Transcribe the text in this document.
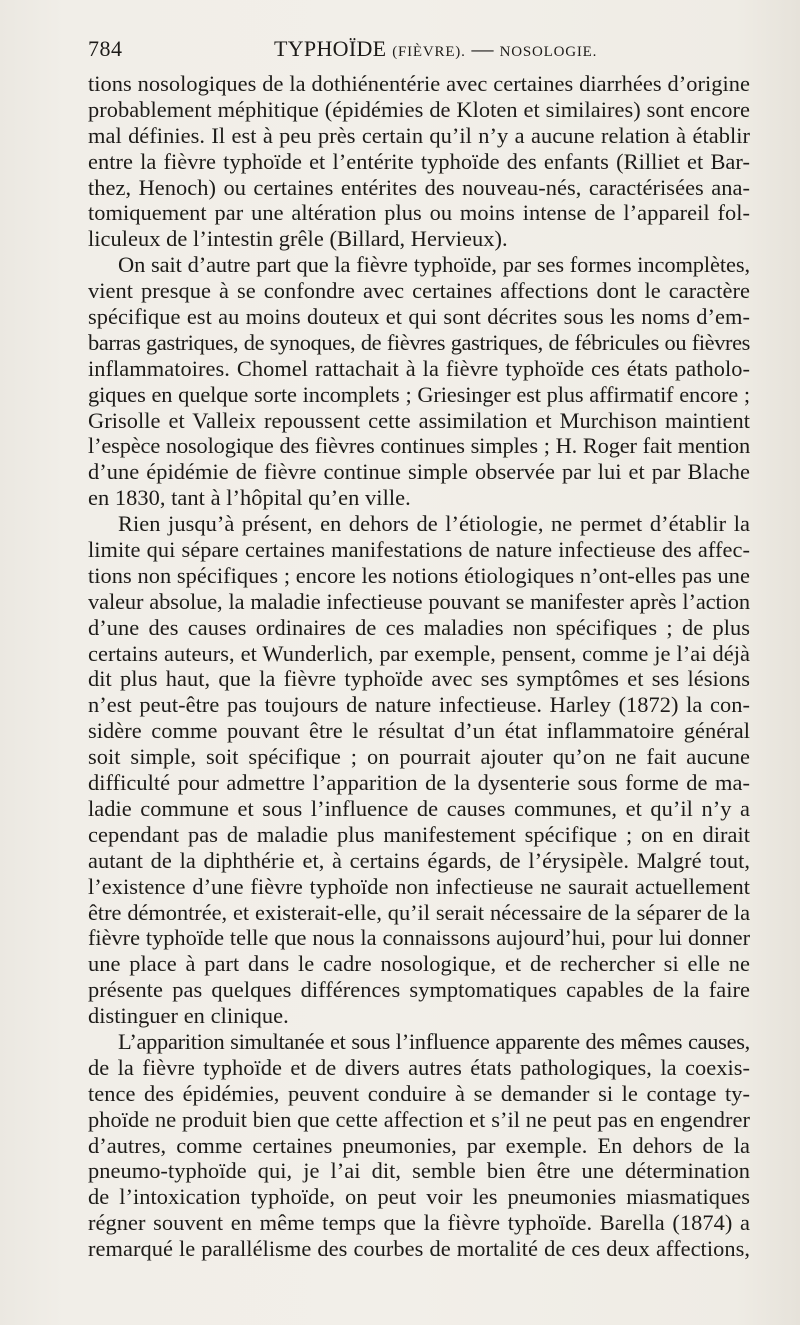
784	TYPHOÏDE (FIÈVRE). — NOSOLOGIE.
tions nosologiques de la dothiénentérie avec certaines diarrhées d’origine
probablement méphitique (épidémies de Kloten et similaires) sont encore
mal définies. Il est à peu près certain qu’il n’y a aucune relation à établir
entre la fièvre typhoïde et l’entérite typhoïde des enfants (Rilliet et Bar-
thez, Henoch) ou certaines entérites des nouveau-nés, caractérisées ana-
tomiquement par une altération plus ou moins intense de l’appareil fol-
liculeux de l’intestin grêle (Billard, Hervieux).
On sait d’autre part que la fièvre typhoïde, par ses formes incomplètes,
vient presque à se confondre avec certaines affections dont le caractère
spécifique est au moins douteux et qui sont décrites sous les noms d’em-
barras gastriques, de synoques, de fièvres gastriques, de fébricules ou fièvres
inflammatoires. Chomel rattachait à la fièvre typhoïde ces états patholo-
giques en quelque sorte incomplets ; Griesinger est plus affirmatif encore ;
Grisolle et Valleix repoussent cette assimilation et Murchison maintient
l’espèce nosologique des fièvres continues simples ; H. Roger fait mention
d’une épidémie de fièvre continue simple observée par lui et par Blache
en 1830, tant à l’hôpital qu’en ville.
Rien jusqu’à présent, en dehors de l’étiologie, ne permet d’établir la
limite qui sépare certaines manifestations de nature infectieuse des affec-
tions non spécifiques ; encore les notions étiologiques n’ont-elles pas une
valeur absolue, la maladie infectieuse pouvant se manifester après l’action
d’une des causes ordinaires de ces maladies non spécifiques ; de plus
certains auteurs, et Wunderlich, par exemple, pensent, comme je l’ai déjà
dit plus haut, que la fièvre typhoïde avec ses symptômes et ses lésions
n’est peut-être pas toujours de nature infectieuse. Harley (1872) la con-
sidère comme pouvant être le résultat d’un état inflammatoire général
soit simple, soit spécifique ; on pourrait ajouter qu’on ne fait aucune
difficulté pour admettre l’apparition de la dysenterie sous forme de ma-
ladie commune et sous l’influence de causes communes, et qu’il n’y a
cependant pas de maladie plus manifestement spécifique ; on en dirait
autant de la diphthérie et, à certains égards, de l’érysipèle. Malgré tout,
l’existence d’une fièvre typhoïde non infectieuse ne saurait actuellement
être démontrée, et existerait-elle, qu’il serait nécessaire de la séparer de la
fièvre typhoïde telle que nous la connaissons aujourd’hui, pour lui donner
une place à part dans le cadre nosologique, et de rechercher si elle ne
présente pas quelques différences symptomatiques capables de la faire
distinguer en clinique.
L’apparition simultanée et sous l’influence apparente des mêmes causes,
de la fièvre typhoïde et de divers autres états pathologiques, la coexis-
tence des épidémies, peuvent conduire à se demander si le contage ty-
phoïde ne produit bien que cette affection et s’il ne peut pas en engendrer
d’autres, comme certaines pneumonies, par exemple. En dehors de la
pneumo-typhoïde qui, je l’ai dit, semble bien être une détermination
de l’intoxication typhoïde, on peut voir les pneumonies miasmatiques
régner souvent en même temps que la fièvre typhoïde. Barella (1874) a
remarqué le parallélisme des courbes de mortalité de ces deux affections,
